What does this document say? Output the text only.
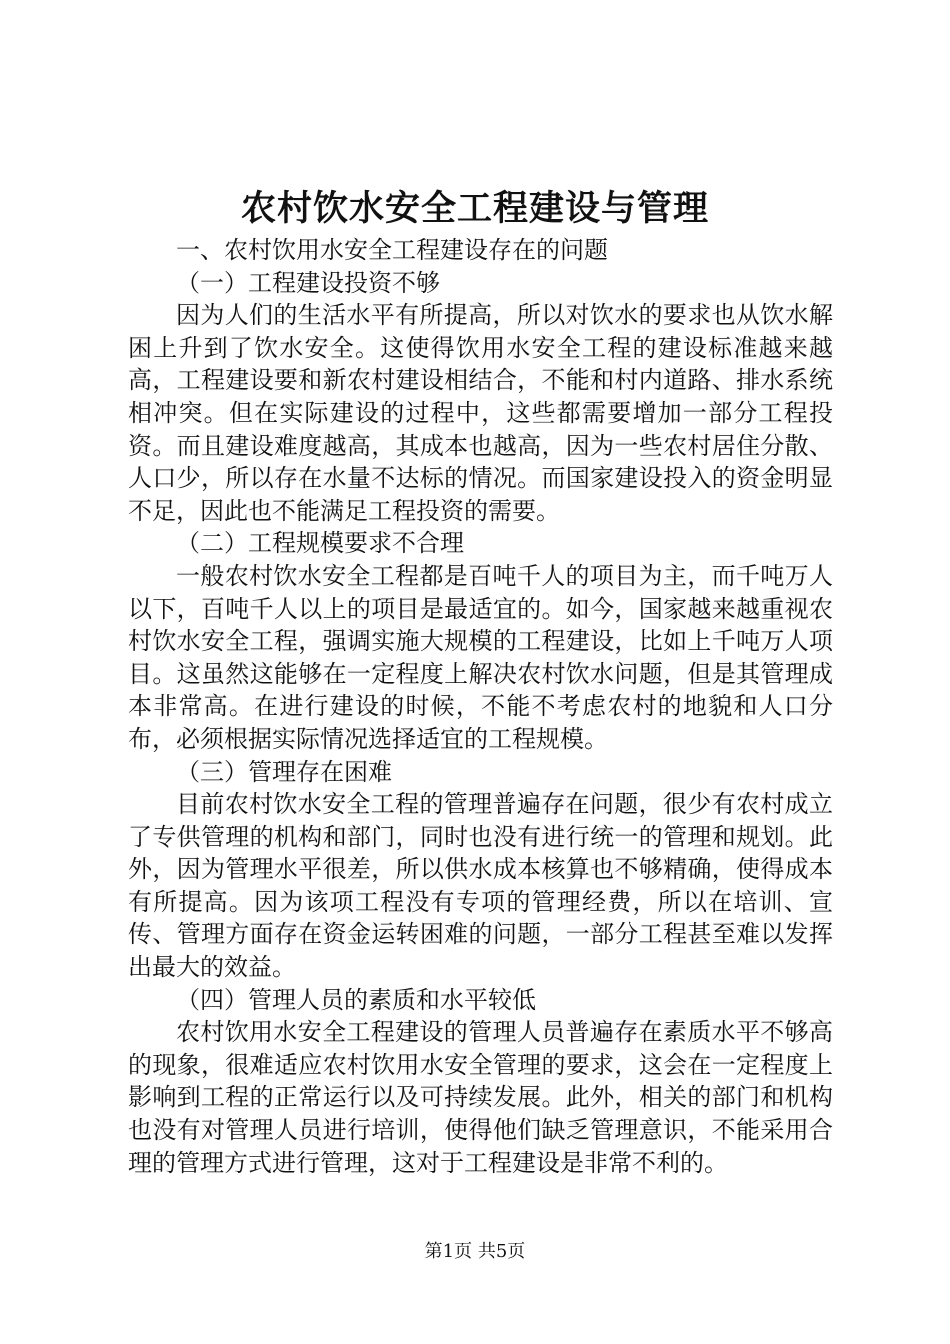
农村饮水安全工程建设与管理
一、农村饮用水安全工程建设存在的问题
（一）工程建设投资不够
因为人们的生活水平有所提高，所以对饮水的要求也从饮水解困上升到了饮水安全。这使得饮用水安全工程的建设标准越来越高，工程建设要和新农村建设相结合，不能和村内道路、排水系统相冲突。但在实际建设的过程中，这些都需要增加一部分工程投资。而且建设难度越高，其成本也越高，因为一些农村居住分散、人口少，所以存在水量不达标的情况。而国家建设投入的资金明显不足，因此也不能满足工程投资的需要。
（二）工程规模要求不合理
一般农村饮水安全工程都是百吨千人的项目为主，而千吨万人以下，百吨千人以上的项目是最适宜的。如今，国家越来越重视农村饮水安全工程，强调实施大规模的工程建设，比如上千吨万人项目。这虽然这能够在一定程度上解决农村饮水问题，但是其管理成本非常高。在进行建设的时候，不能不考虑农村的地貌和人口分布，必须根据实际情况选择适宜的工程规模。
（三）管理存在困难
目前农村饮水安全工程的管理普遍存在问题，很少有农村成立了专供管理的机构和部门，同时也没有进行统一的管理和规划。此外，因为管理水平很差，所以供水成本核算也不够精确，使得成本有所提高。因为该项工程没有专项的管理经费，所以在培训、宣传、管理方面存在资金运转困难的问题，一部分工程甚至难以发挥出最大的效益。
（四）管理人员的素质和水平较低
农村饮用水安全工程建设的管理人员普遍存在素质水平不够高的现象，很难适应农村饮用水安全管理的要求，这会在一定程度上影响到工程的正常运行以及可持续发展。此外，相关的部门和机构也没有对管理人员进行培训，使得他们缺乏管理意识，不能采用合理的管理方式进行管理，这对于工程建设是非常不利的。
第1页 共5页
